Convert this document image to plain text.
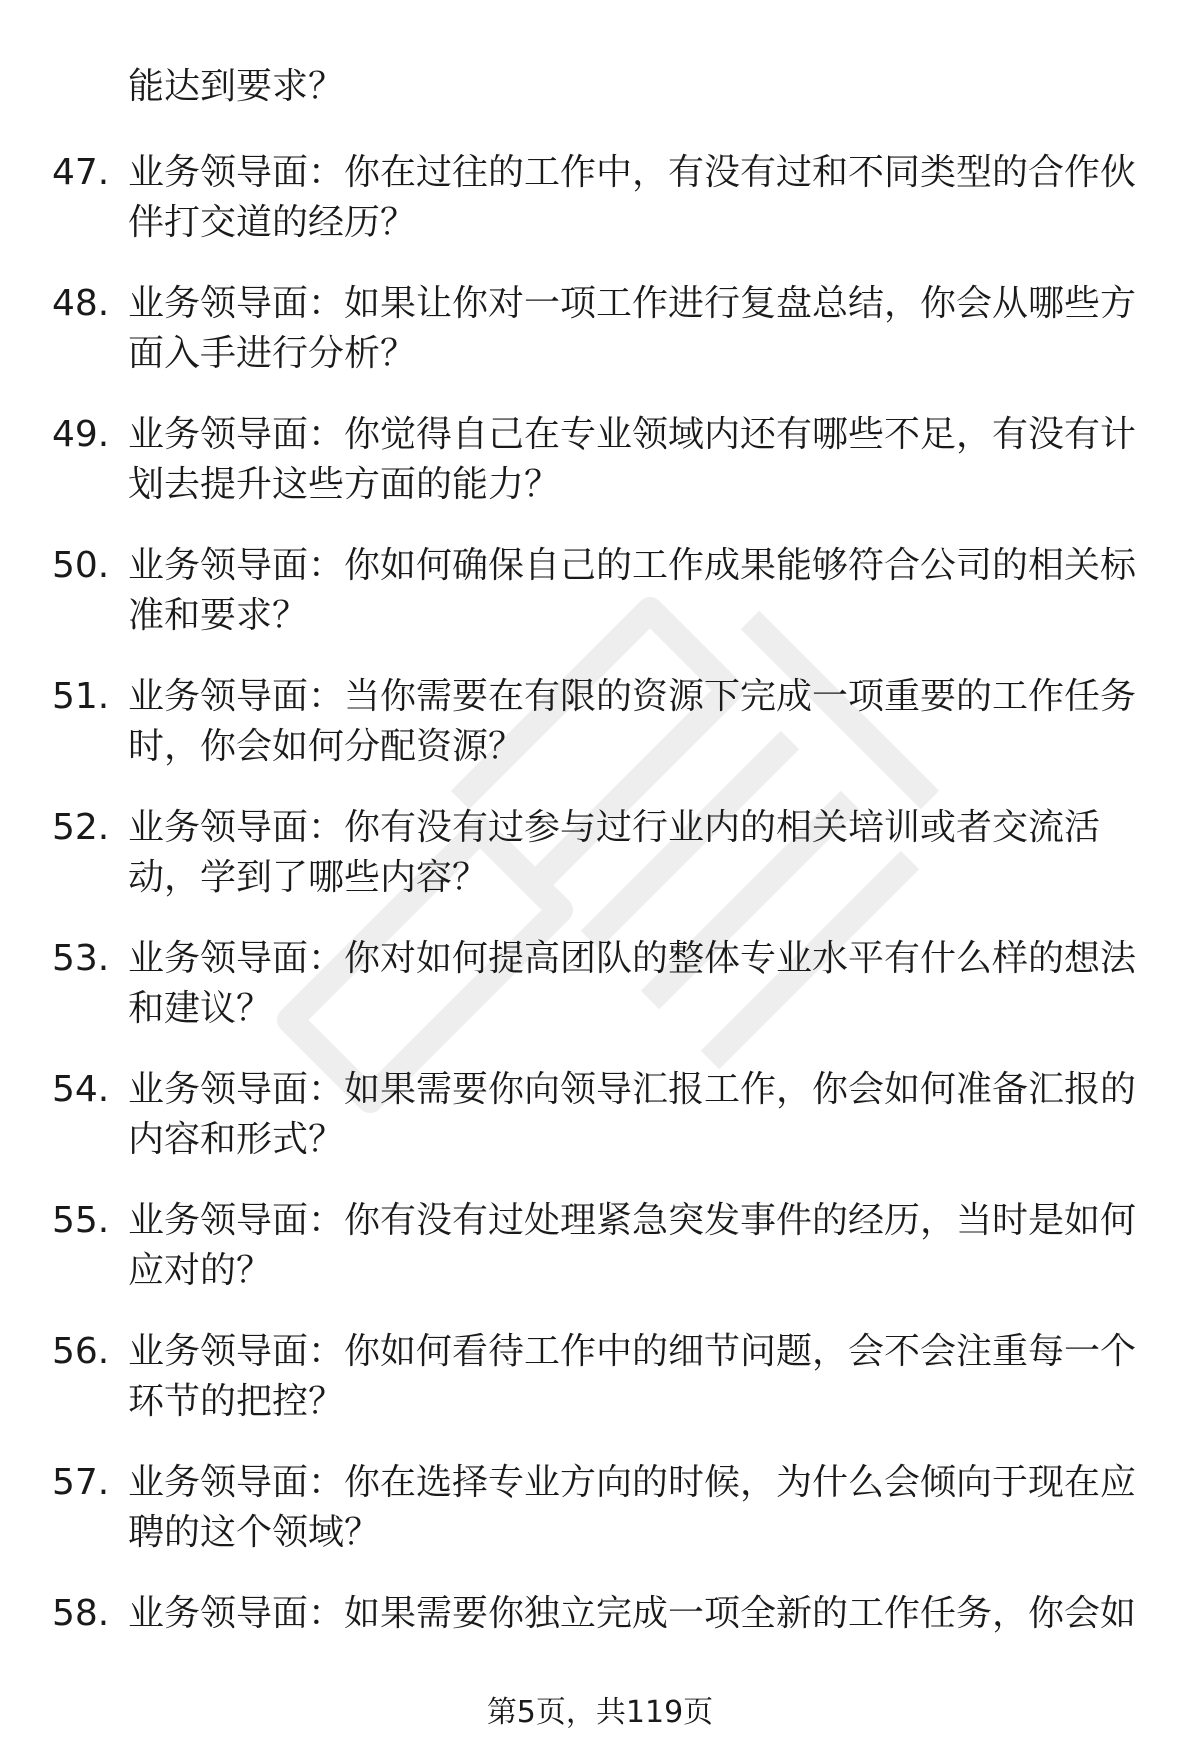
能达到要求？

47. 业务领导面：你在过往的工作中，有没有过和不同类型的合作伙伴打交道的经历？

48. 业务领导面：如果让你对一项工作进行复盘总结，你会从哪些方面入手进行分析？

49. 业务领导面：你觉得自己在专业领域内还有哪些不足，有没有计划去提升这些方面的能力？

50. 业务领导面：你如何确保自己的工作成果能够符合公司的相关标准和要求？

51. 业务领导面：当你需要在有限的资源下完成一项重要的工作任务时，你会如何分配资源？

52. 业务领导面：你有没有过参与过行业内的相关培训或者交流活动，学到了哪些内容？

53. 业务领导面：你对如何提高团队的整体专业水平有什么样的想法和建议？

54. 业务领导面：如果需要你向领导汇报工作，你会如何准备汇报的内容和形式？

55. 业务领导面：你有没有过处理紧急突发事件的经历，当时是如何应对的？

56. 业务领导面：你如何看待工作中的细节问题，会不会注重每一个环节的把控？

57. 业务领导面：你在选择专业方向的时候，为什么会倾向于现在应聘的这个领域？

58. 业务领导面：如果需要你独立完成一项全新的工作任务，你会如

第5页，共119页
